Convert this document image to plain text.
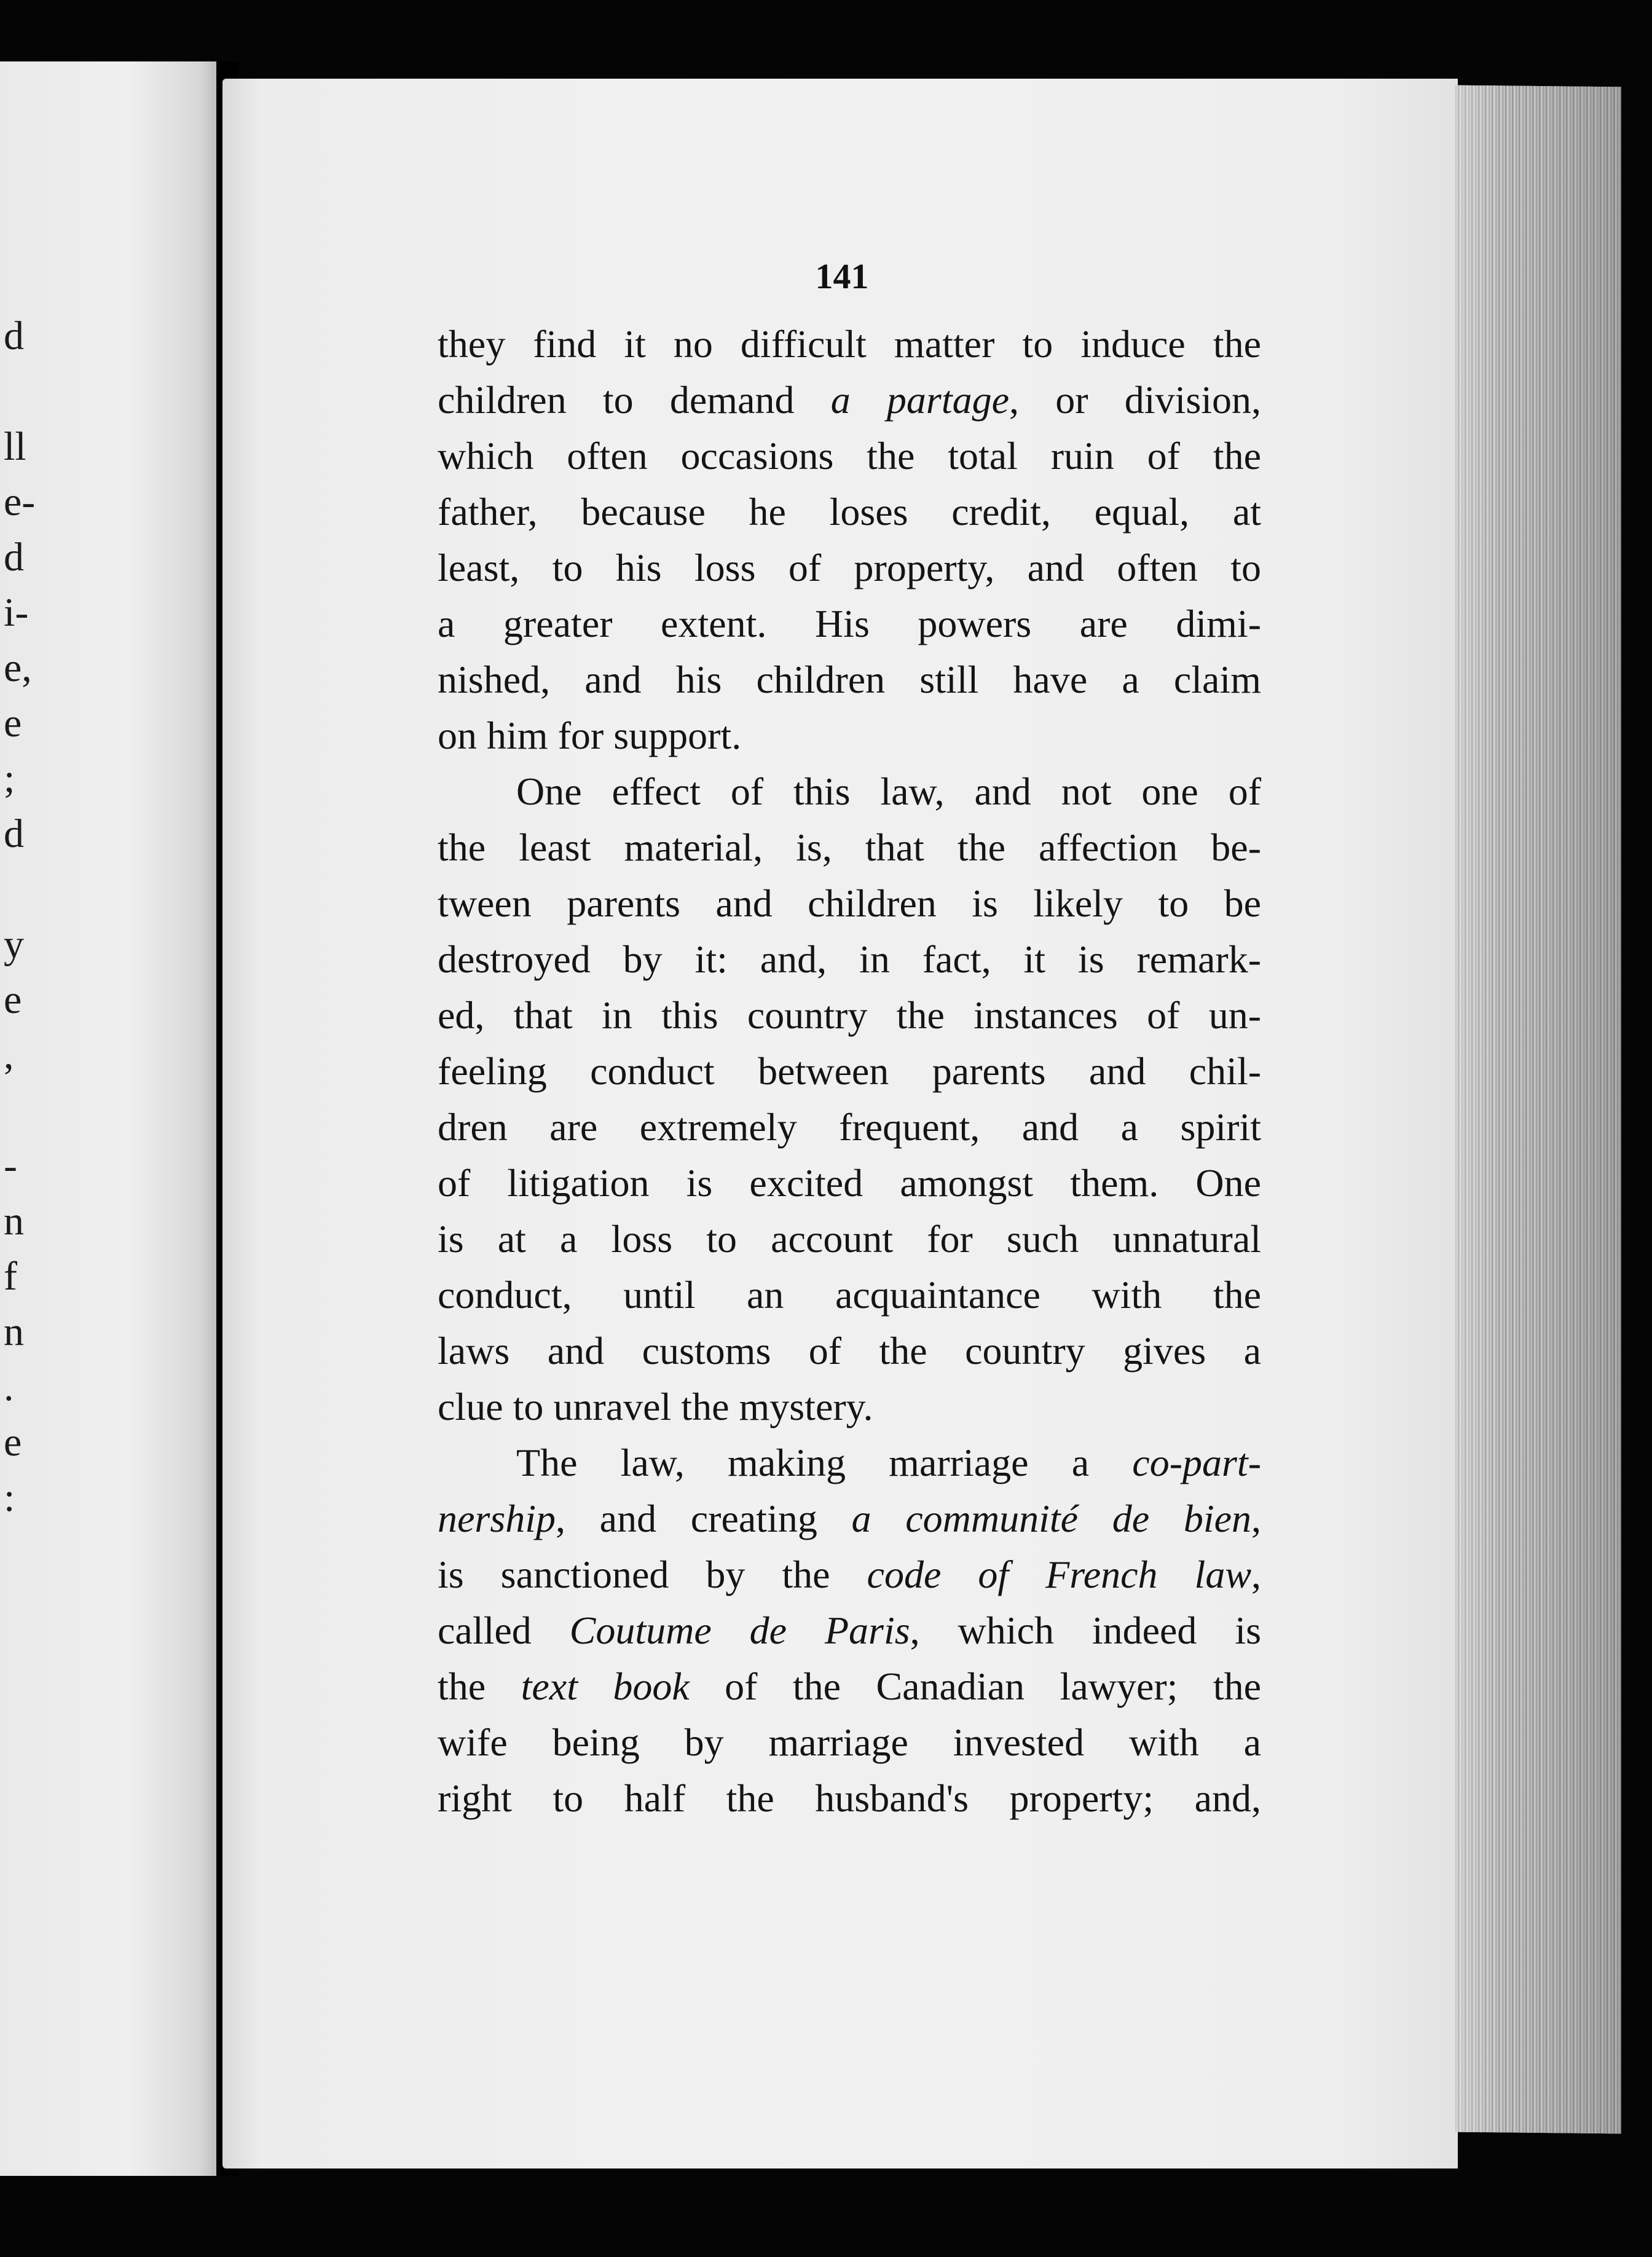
d
ll
e-
d
i-
e,
e
;
d
y
e
,
-
n
f
n
.
e
:
141
they find it no difficult matter to induce the
children to demand a partage, or division,
which often occasions the total ruin of the
father, because he loses credit, equal, at
least, to his loss of property, and often to
a greater extent. His powers are dimi-
nished, and his children still have a claim
on him for support.
One effect of this law, and not one of
the least material, is, that the affection be-
tween parents and children is likely to be
destroyed by it: and, in fact, it is remark-
ed, that in this country the instances of un-
feeling conduct between parents and chil-
dren are extremely frequent, and a spirit
of litigation is excited amongst them. One
is at a loss to account for such unnatural
conduct, until an acquaintance with the
laws and customs of the country gives a
clue to unravel the mystery.
The law, making marriage a co-part-
nership, and creating a communité de bien,
is sanctioned by the code of French law,
called Coutume de Paris, which indeed is
the text book of the Canadian lawyer; the
wife being by marriage invested with a
right to half the husband's property; and,
